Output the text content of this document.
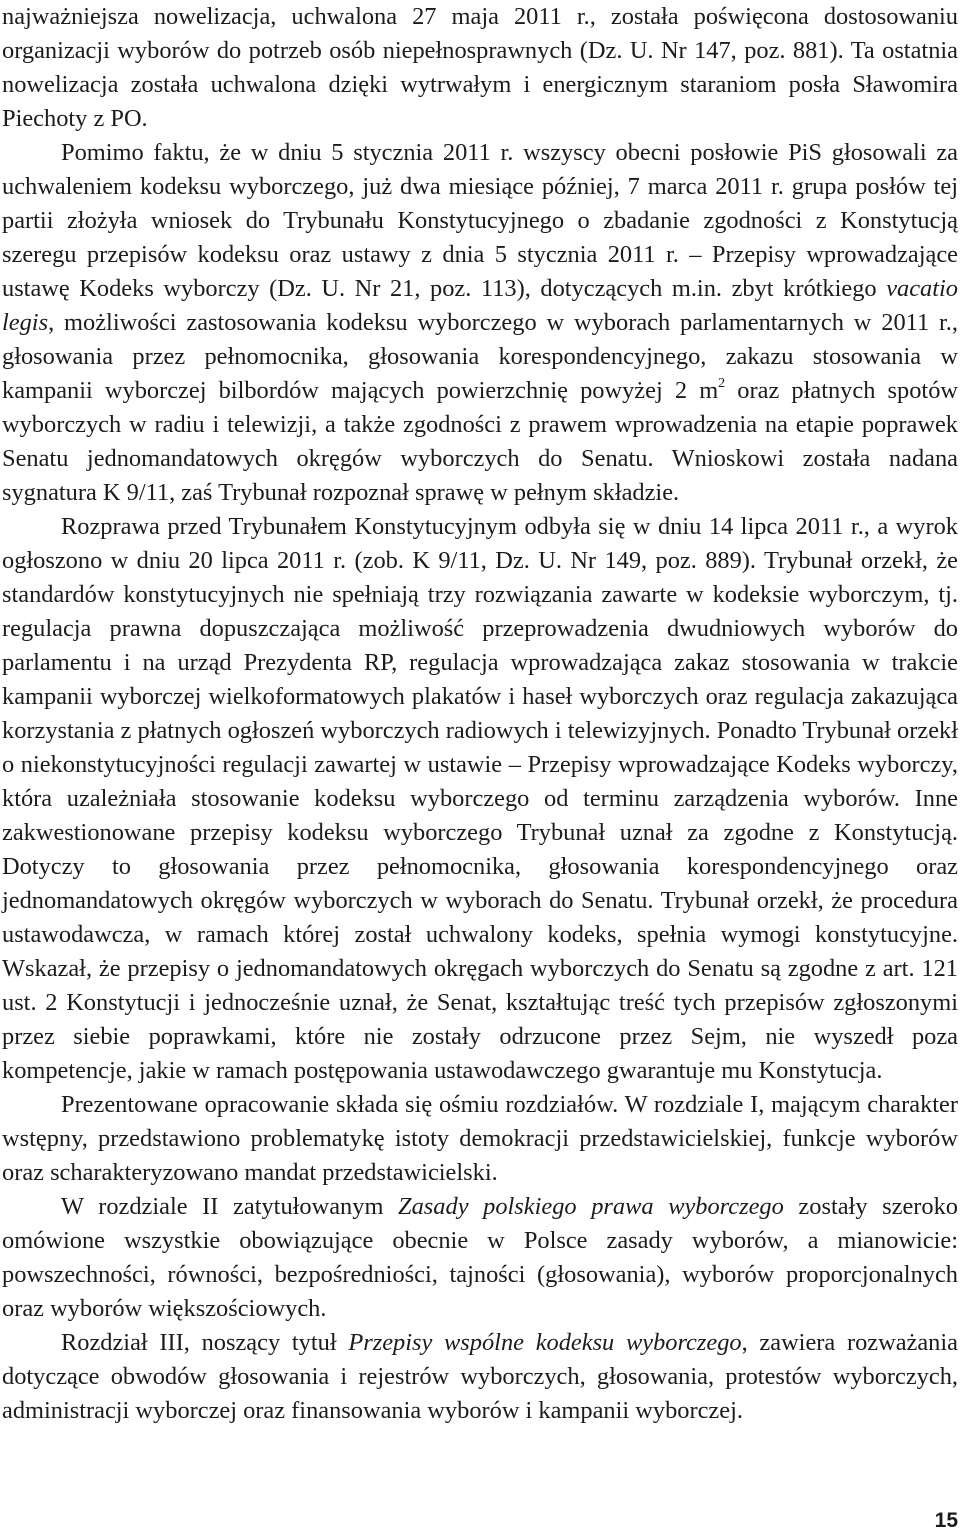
najważniejsza nowelizacja, uchwalona 27 maja 2011 r., została poświęcona dostosowaniu organizacji wyborów do potrzeb osób niepełnosprawnych (Dz. U. Nr 147, poz. 881). Ta ostatnia nowelizacja została uchwalona dzięki wytrwałym i energicznym staraniom posła Sławomira Piechoty z PO.

Pomimo faktu, że w dniu 5 stycznia 2011 r. wszyscy obecni posłowie PiS głosowali za uchwaleniem kodeksu wyborczego, już dwa miesiące później, 7 marca 2011 r. grupa posłów tej partii złożyła wniosek do Trybunału Konstytucyjnego o zbadanie zgodności z Konstytucją szeregu przepisów kodeksu oraz ustawy z dnia 5 stycznia 2011 r. – Przepisy wprowadzające ustawę Kodeks wyborczy (Dz. U. Nr 21, poz. 113), dotyczących m.in. zbyt krótkiego vacatio legis, możliwości zastosowania kodeksu wyborczego w wyborach parlamentarnych w 2011 r., głosowania przez pełnomocnika, głosowania korespondencyjnego, zakazu stosowania w kampanii wyborczej bilbordów mających powierzchnię powyżej 2 $m^2$ oraz płatnych spotów wyborczych w radiu i telewizji, a także zgodności z prawem wprowadzenia na etapie poprawek Senatu jednomandatowych okręgów wyborczych do Senatu. Wnioskowi została nadana sygnatura K 9/11, zaś Trybunał rozpoznał sprawę w pełnym składzie.

Rozprawa przed Trybunałem Konstytucyjnym odbyła się w dniu 14 lipca 2011 r., a wyrok ogłoszono w dniu 20 lipca 2011 r. (zob. K 9/11, Dz. U. Nr 149, poz. 889). Trybunał orzekł, że standardów konstytucyjnych nie spełniają trzy rozwiązania zawarte w kodeksie wyborczym, tj. regulacja prawna dopuszczająca możliwość przeprowadzenia dwudniowych wyborów do parlamentu i na urząd Prezydenta RP, regulacja wprowadzająca zakaz stosowania w trakcie kampanii wyborczej wielkoformatowych plakatów i haseł wyborczych oraz regulacja zakazująca korzystania z płatnych ogłoszeń wyborczych radiowych i telewizyjnych. Ponadto Trybunał orzekł o niekonstytucyjności regulacji zawartej w ustawie – Przepisy wprowadzające Kodeks wyborczy, która uzależniała stosowanie kodeksu wyborczego od terminu zarządzenia wyborów. Inne zakwestionowane przepisy kodeksu wyborczego Trybunał uznał za zgodne z Konstytucją. Dotyczy to głosowania przez pełnomocnika, głosowania korespondencyjnego oraz jednomandatowych okręgów wyborczych w wyborach do Senatu. Trybunał orzekł, że procedura ustawodawcza, w ramach której został uchwalony kodeks, spełnia wymogi konstytucyjne. Wskazał, że przepisy o jednomandatowych okręgach wyborczych do Senatu są zgodne z art. 121 ust. 2 Konstytucji i jednocześnie uznał, że Senat, kształtując treść tych przepisów zgłoszonymi przez siebie poprawkami, które nie zostały odrzucone przez Sejm, nie wyszedł poza kompetencje, jakie w ramach postępowania ustawodawczego gwarantuje mu Konstytucja.

Prezentowane opracowanie składa się ośmiu rozdziałów. W rozdziale I, mającym charakter wstępny, przedstawiono problematykę istoty demokracji przedstawicielskiej, funkcje wyborów oraz scharakteryzowano mandat przedstawicielski.

W rozdziale II zatytułowanym Zasady polskiego prawa wyborczego zostały szeroko omówione wszystkie obowiązujące obecnie w Polsce zasady wyborów, a mianowicie: powszechności, równości, bezpośredniości, tajności (głosowania), wyborów proporcjonalnych oraz wyborów większościowych.

Rozdział III, noszący tytuł Przepisy wspólne kodeksu wyborczego, zawiera rozważania dotyczące obwodów głosowania i rejestrów wyborczych, głosowania, protestów wyborczych, administracji wyborczej oraz finansowania wyborów i kampanii wyborczej.

15
